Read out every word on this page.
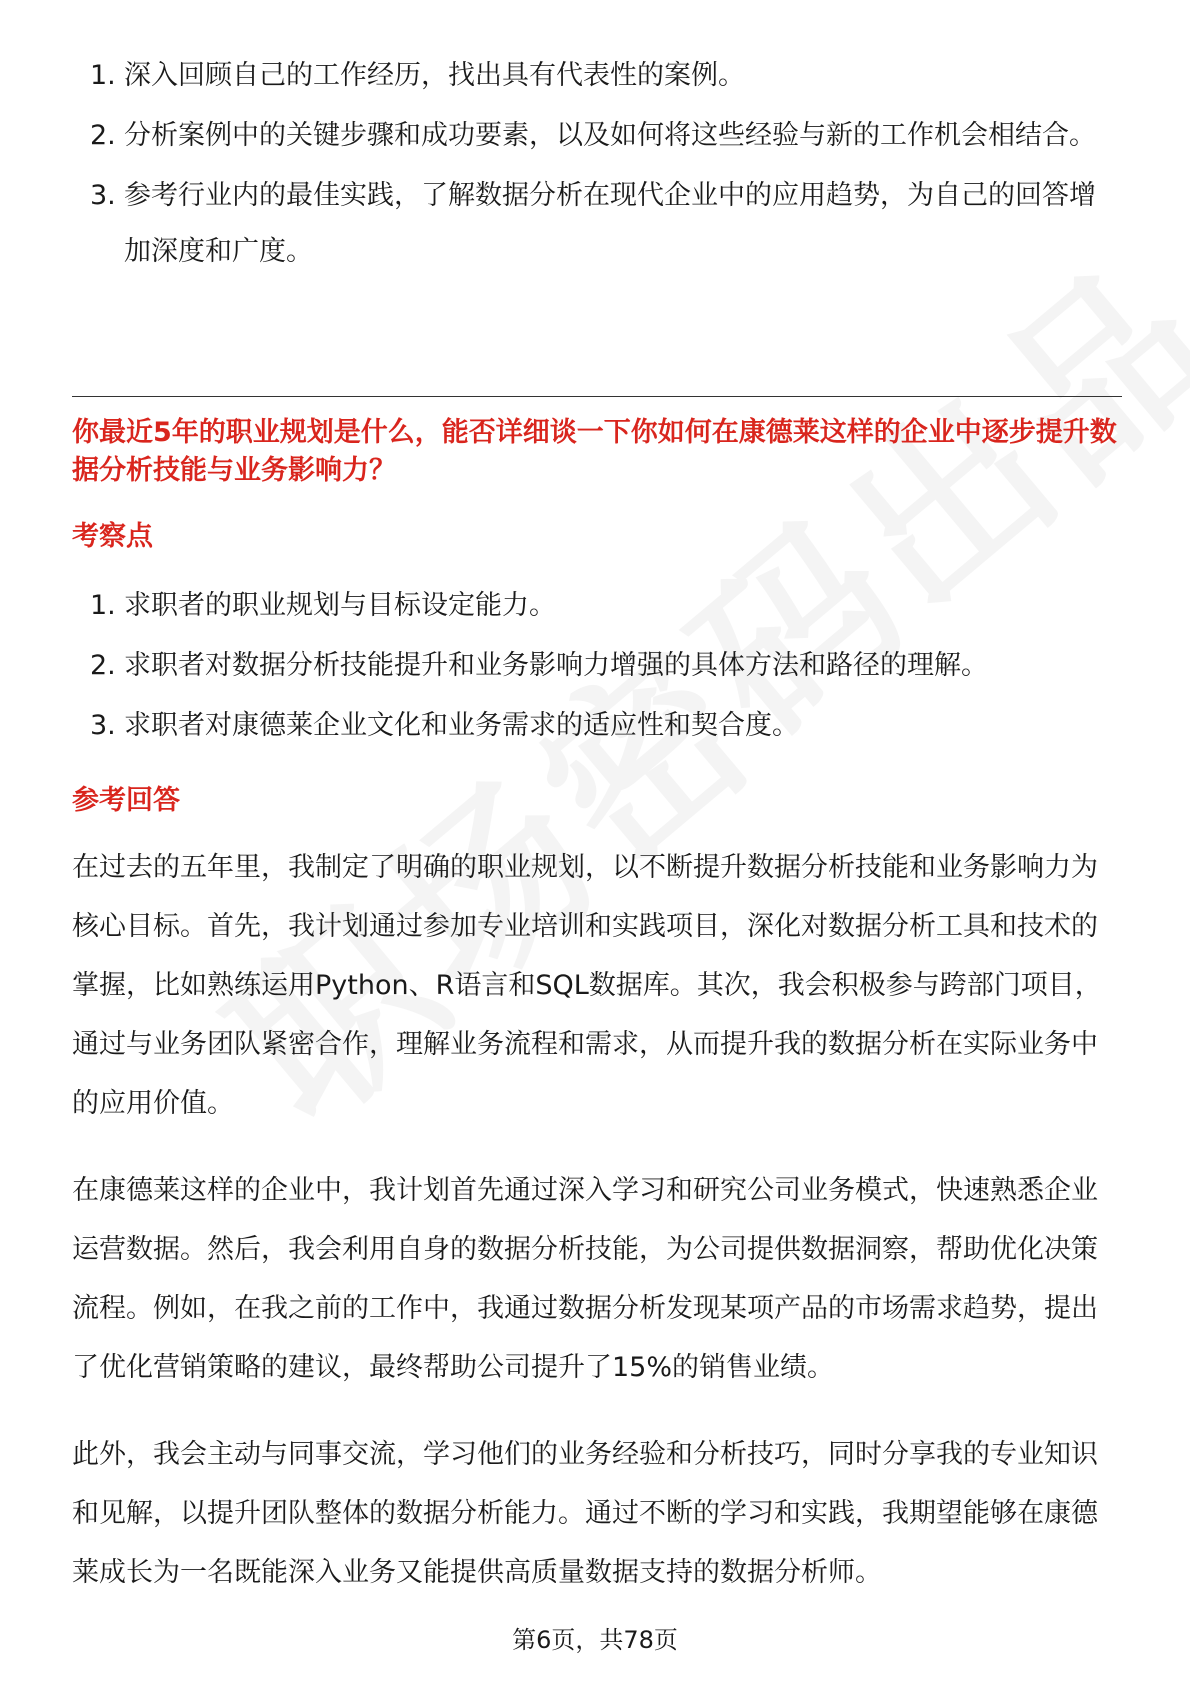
1. 深入回顾自己的工作经历，找出具有代表性的案例。
2. 分析案例中的关键步骤和成功要素，以及如何将这些经验与新的工作机会相结合。
3. 参考行业内的最佳实践，了解数据分析在现代企业中的应用趋势，为自己的回答增加深度和广度。
你最近5年的职业规划是什么，能否详细谈一下你如何在康德莱这样的企业中逐步提升数据分析技能与业务影响力？
考察点
1. 求职者的职业规划与目标设定能力。
2. 求职者对数据分析技能提升和业务影响力增强的具体方法和路径的理解。
3. 求职者对康德莱企业文化和业务需求的适应性和契合度。
参考回答

在过去的五年里，我制定了明确的职业规划，以不断提升数据分析技能和业务影响力为核心目标。首先，我计划通过参加专业培训和实践项目，深化对数据分析工具和技术的掌握，比如熟练运用Python、R语言和SQL数据库。其次，我会积极参与跨部门项目，通过与业务团队紧密合作，理解业务流程和需求，从而提升我的数据分析在实际业务中的应用价值。

在康德莱这样的企业中，我计划首先通过深入学习和研究公司业务模式，快速熟悉企业运营数据。然后，我会利用自身的数据分析技能，为公司提供数据洞察，帮助优化决策流程。例如，在我之前的工作中，我通过数据分析发现某项产品的市场需求趋势，提出了优化营销策略的建议，最终帮助公司提升了15%的销售业绩。

此外，我会主动与同事交流，学习他们的业务经验和分析技巧，同时分享我的专业知识和见解，以提升团队整体的数据分析能力。通过不断的学习和实践，我期望能够在康德莱成长为一名既能深入业务又能提供高质量数据支持的数据分析师。

第6页，共78页
